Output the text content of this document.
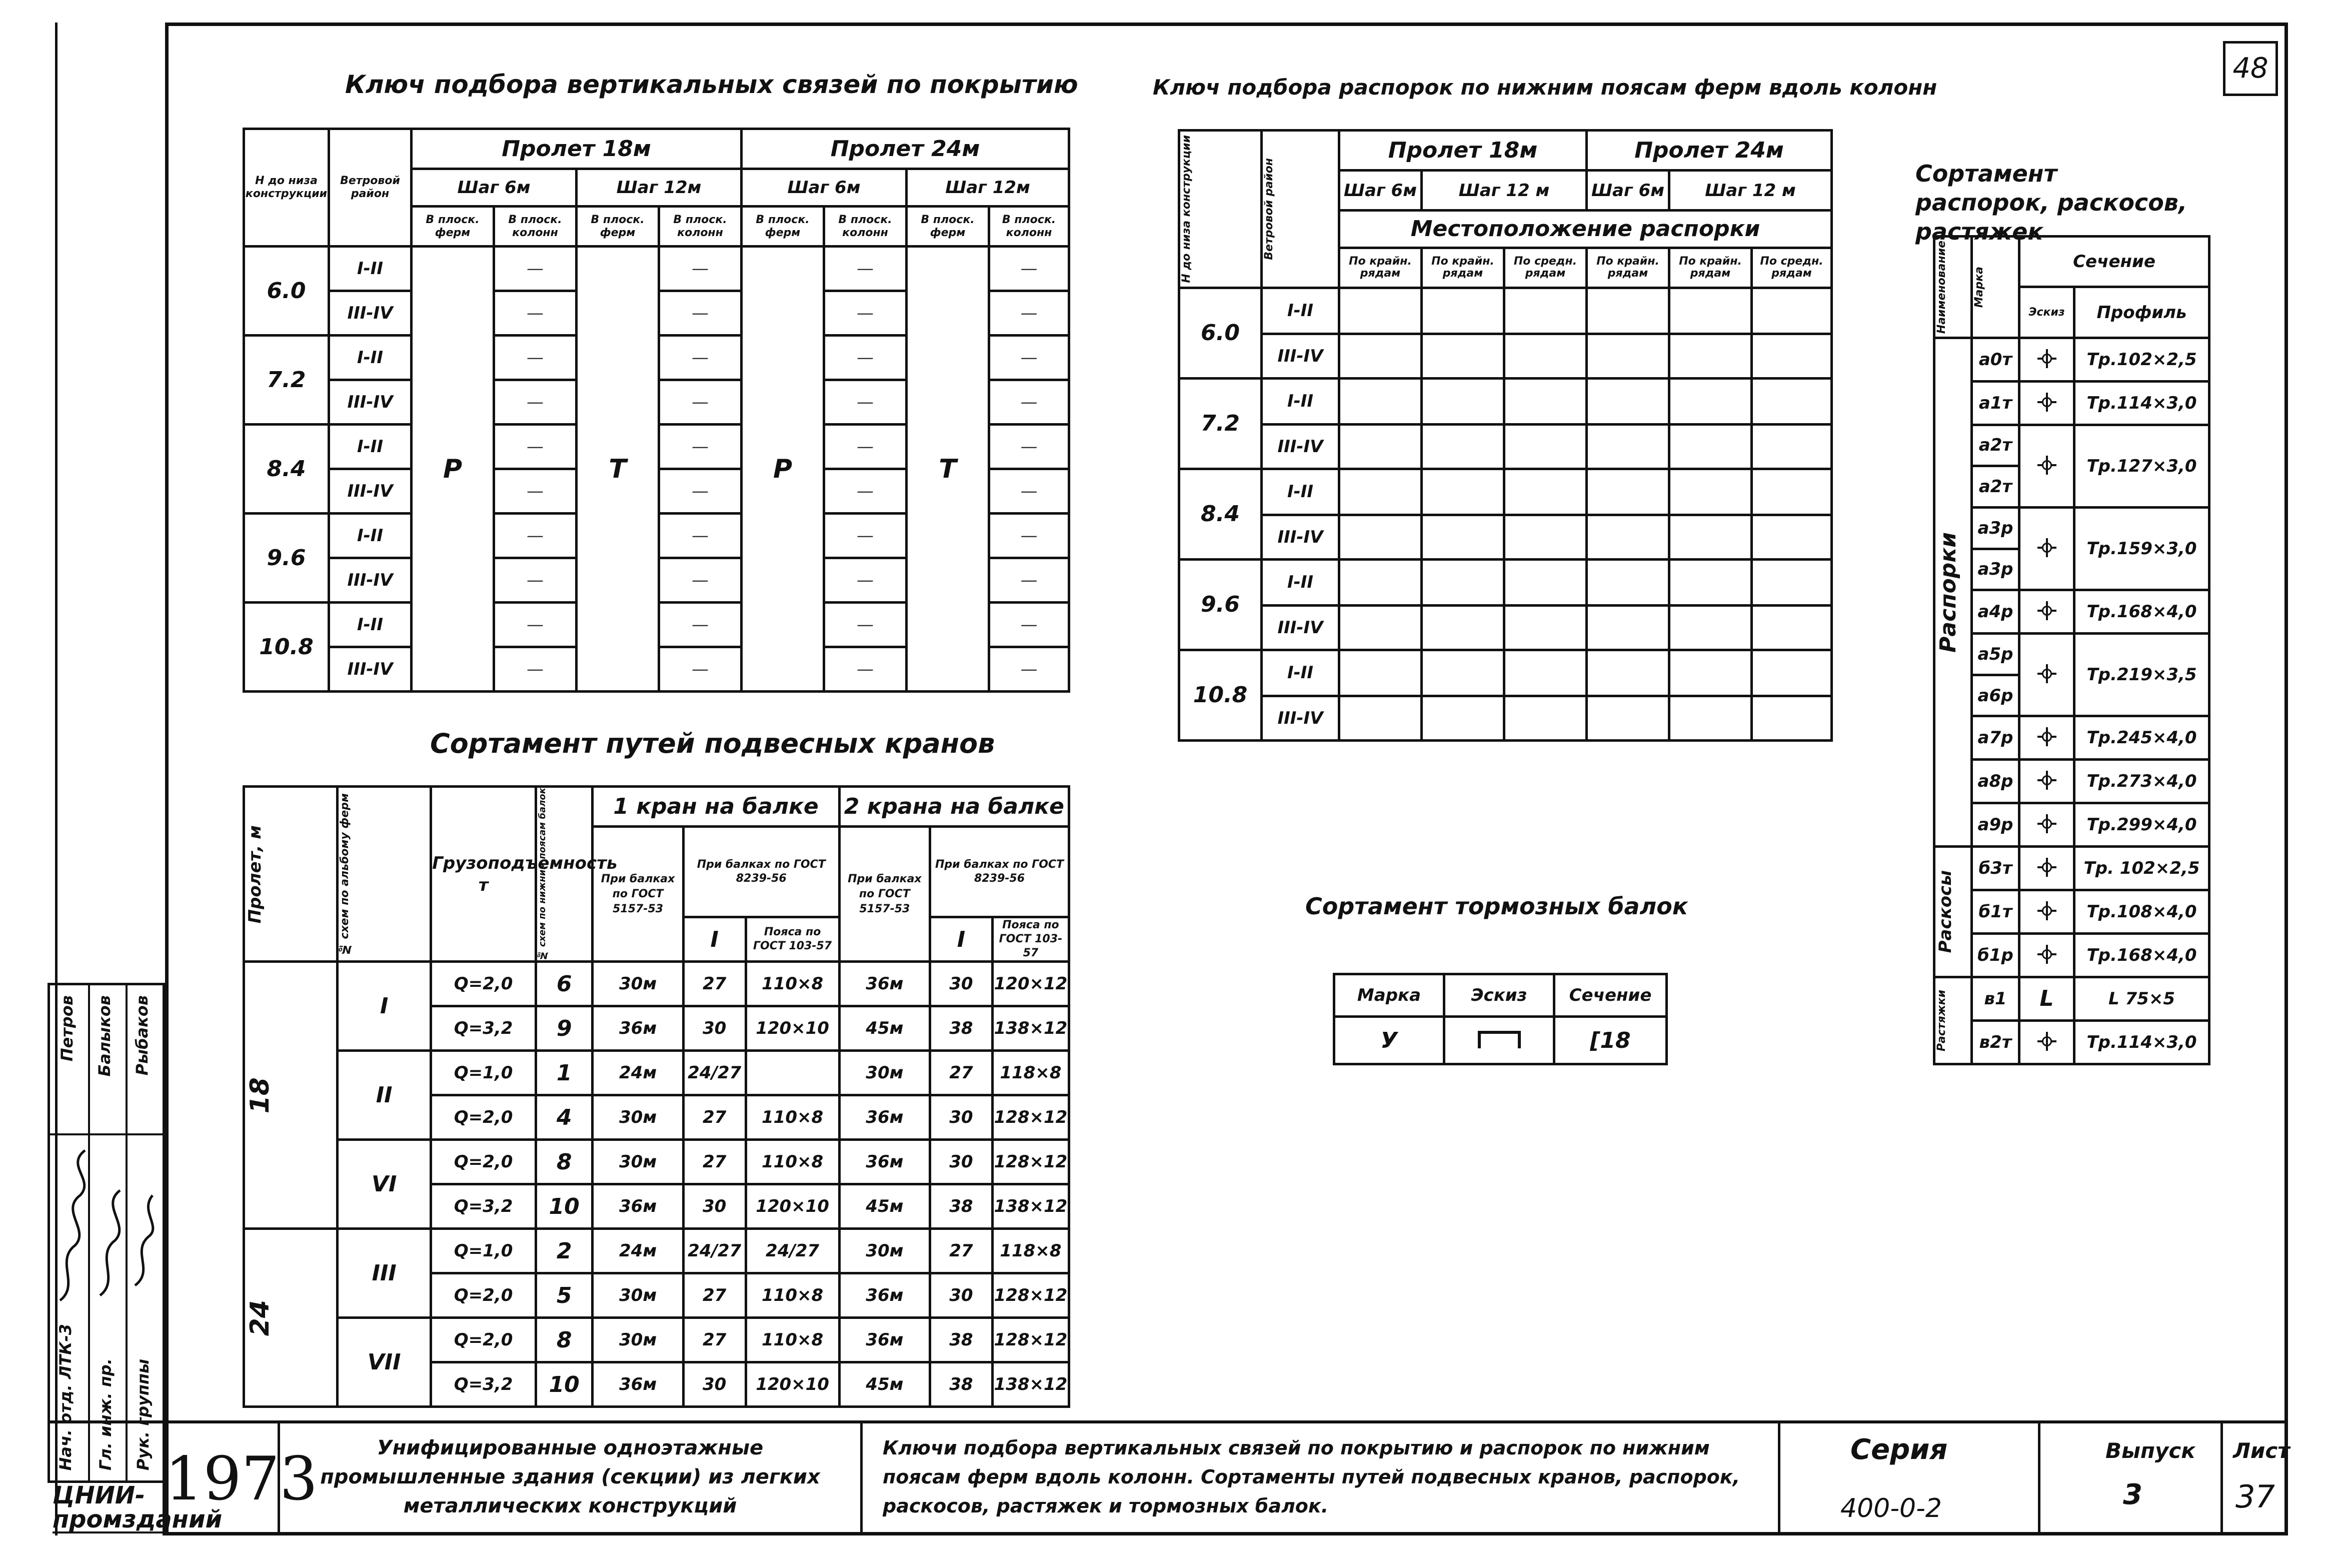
48
Ключ подбора вертикальных связей по покрытию
Н до низа конструкции	Ветровой район	Пролет 18м				Пролет 24м			
		Шаг 6м		Шаг 12м		Шаг 6м		Шаг 12м	
		В плоск. ферм	В плоск. колонн	В плоск. ферм	В плоск. колонн	В плоск. ферм	В плоск. колонн	В плоск. ферм	В плоск. колонн
6.0	I-II	Р	—	Т	—	Р	—	Т	—
	III-IV		—		—		—		—
7.2	I-II		—		—		—		—
	III-IV		—		—		—		—
8.4	I-II		—		—		—		—
	III-IV		—		—		—		—
9.6	I-II		—		—		—		—
	III-IV		—		—		—		—
10.8	I-II		—		—		—		—
	III-IV		—		—		—		—
Ключ подбора распорок по нижним поясам ферм вдоль колонн
Н до низа конструкции	Ветровой район	Пролет 18м			Пролет 24м		
		Шаг 6м	Шаг 12 м		Шаг 6м	Шаг 12 м	
		Местоположение распорки					
		По крайн. рядам	По крайн. рядам	По средн. рядам	По крайн. рядам	По крайн. рядам	По средн. рядам
6.0	I-II						
	III-IV						
7.2	I-II						
	III-IV						
8.4	I-II						
	III-IV						
9.6	I-II						
	III-IV						
10.8	I-II						
	III-IV						
Сортамент распорок, раскосов, растяжек
Наименование	Марка	Сечение	
		Эскиз	Профиль

Распорки	а0т		Тр.102×2,5
	а1т		Тр.114×3,0
	а2т		Тр.127×3,0
	а2т		
	а3р		Тр.159×3,0
	а3р		
	а4р		Тр.168×4,0
	а5р		Тр.219×3,5
	а6р		
	а7р		Тр.245×4,0
	а8р		Тр.273×4,0
	а9р		Тр.299×4,0

Раскосы	б3т		Тр. 102×2,5
	б1т		Тр.108×4,0
	б1р		Тр.168×4,0

Растяжки	в1	L	L 75×5
	в2т		Тр.114×3,0
Сортамент путей подвесных кранов
Пролет, м	№ схем по альбому ферм	Грузоподъемность т	№ схем по нижним поясам балок	1 кран на балке			2 крана на балке		
				При балках по ГОСТ 5157-53	При балках по ГОСТ 8239-56		При балках по ГОСТ 5157-53	При балках по ГОСТ 8239-56	
					I	Пояса по ГОСТ 103-57		I	Пояса по ГОСТ 103-57

18	I	Q=2,0	6	30м	27	110×8	36м	30	120×12
		Q=3,2	9	36м	30	120×10	45м	38	138×12
	II	Q=1,0	1	24м	24/27		30м	27	118×8
		Q=2,0	4	30м	27	110×8	36м	30	128×12
	VI	Q=2,0	8	30м	27	110×8	36м	30	128×12
		Q=3,2	10	36м	30	120×10	45м	38	138×12

24	III	Q=1,0	2	24м	24/27	24/27	30м	27	118×8
		Q=2,0	5	30м	27	110×8	36м	30	128×12
	VII	Q=2,0	8	30м	27	110×8	36м	38	128×12
		Q=3,2	10	36м	30	120×10	45м	38	138×12
Сортамент тормозных балок
Марка	Эскиз	Сечение
У		[18
Нач. отд. ЛТК-3 Гл. инж. пр. Рук. группы
Петров Балыков Рыбаков
ЦНИИ-промзданий
1973	Унифицированные одноэтажные промышленные здания (секции) из легких металлических конструкций
Ключи подбора вертикальных связей по покрытию и распорок по нижним поясам ферм вдоль колонн. Сортаменты путей подвесных кранов, распорок, раскосов, растяжек и тормозных балок.
Серия
400-0-2
Выпуск
3
Лист
37
